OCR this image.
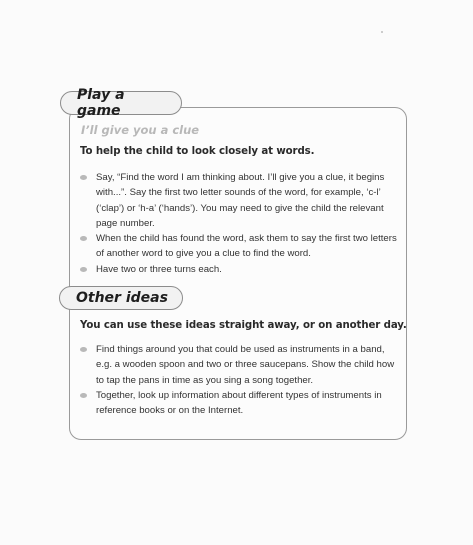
Play a game
I’ll give you a clue
To help the child to look closely at words.
Say, “Find the word I am thinking about. I’ll give you a clue, it begins with...”. Say the first two letter sounds of the word, for example, ‘c-l’ (‘clap’) or ‘h-a’ (‘hands’). You may need to give the child the relevant page number.
When the child has found the word, ask them to say the first two letters of another word to give you a clue to find the word.
Have two or three turns each.
Other ideas
You can use these ideas straight away, or on another day.
Find things around you that could be used as instruments in a band, e.g. a wooden spoon and two or three saucepans. Show the child how to tap the pans in time as you sing a song together.
Together, look up information about different types of instruments in reference books or on the Internet.
